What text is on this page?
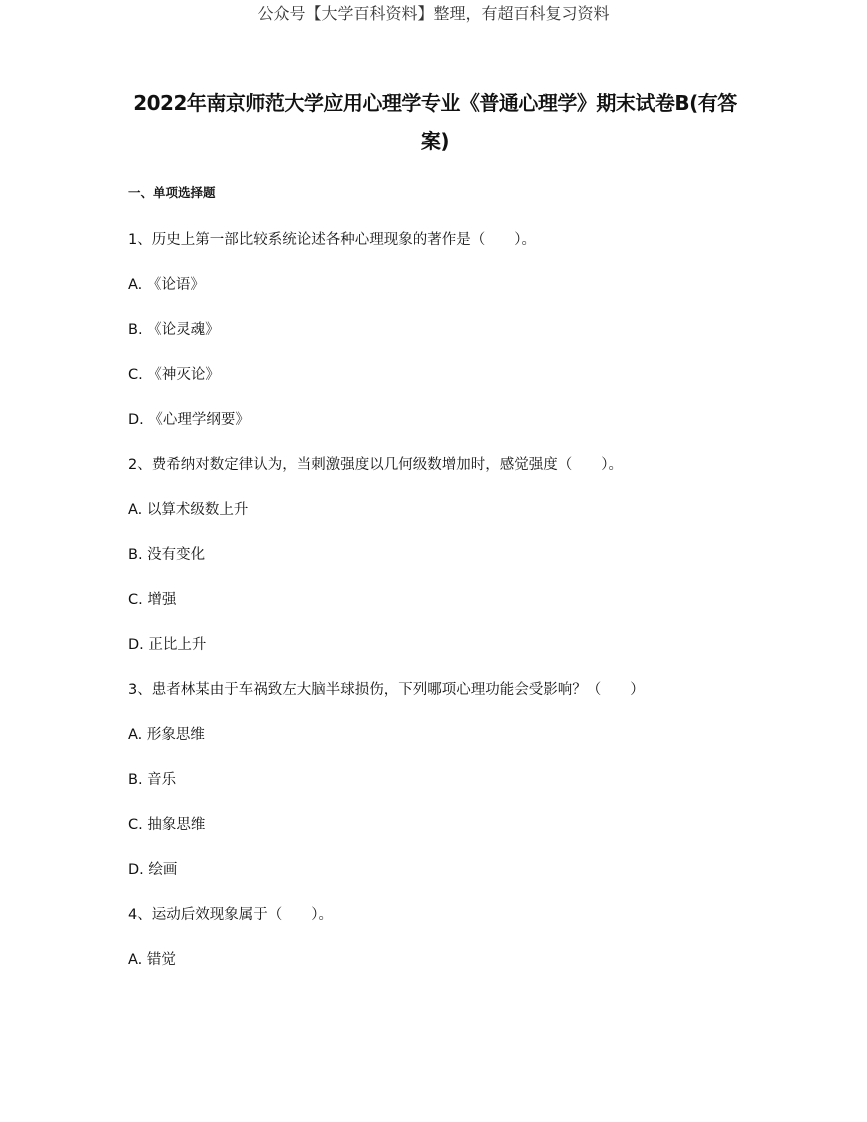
公众号【大学百科资料】整理，有超百科复习资料
2022年南京师范大学应用心理学专业《普通心理学》期末试卷B(有答案)
一、单项选择题
1、历史上第一部比较系统论述各种心理现象的著作是（　　）。
A. 《论语》
B. 《论灵魂》
C. 《神灭论》
D. 《心理学纲要》
2、费希纳对数定律认为，当刺激强度以几何级数增加时，感觉强度（　　）。
A. 以算术级数上升
B. 没有变化
C. 增强
D. 正比上升
3、患者林某由于车祸致左大脑半球损伤，下列哪项心理功能会受影响？（　　）
A. 形象思维
B. 音乐
C. 抽象思维
D. 绘画
4、运动后效现象属于（　　）。
A. 错觉
